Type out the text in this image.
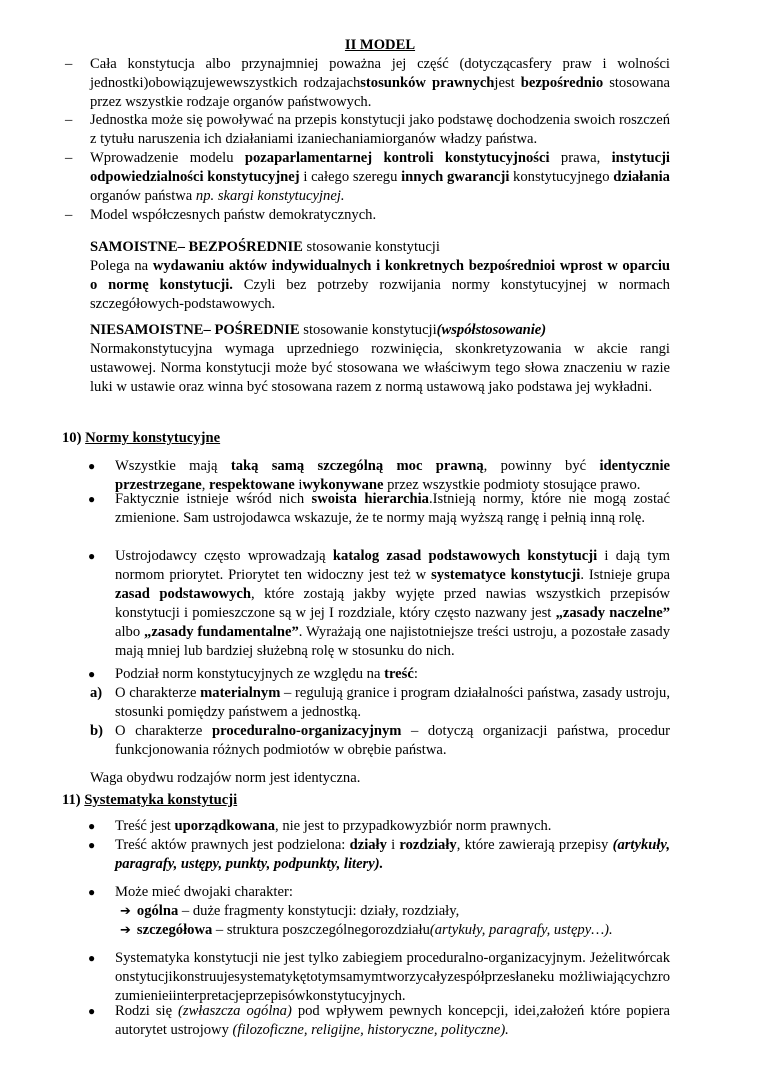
II MODEL
– Cała konstytucja albo przynajmniej poważna jej część (dotyczącasfery praw i wolności jednostki)obowiązujewewszystkich rodzajachstosunków prawnychjest bezpośrednio stosowana przez wszystkie rodzaje organów państwowych.
– Jednostka może się powoływać na przepis konstytucji jako podstawę dochodzenia swoich roszczeń z tytułu naruszenia ich działaniami izaniechaniamiorganów władzy państwa.
– Wprowadzenie modelu pozaparlamentarnej kontroli konstytucyjności prawa, instytucji odpowiedzialności konstytucyjnej i całego szeregu innych gwarancji konstytucyjnego działania organów państwa np. skargi konstytucyjnej.
– Model współczesnych państw demokratycznych.
SAMOISTNE– BEZPOŚREDNIE stosowanie konstytucji
Polega na wydawaniu aktów indywidualnych i konkretnych bezpośrednioi wprost w oparciu o normę konstytucji. Czyli bez potrzeby rozwijania normy konstytucyjnej w normach szczegółowych-podstawowych.
NIESAMOISTNE– POŚREDNIE stosowanie konstytucji(współstosowanie)
Normakonstytucyjna wymaga uprzedniego rozwinięcia, skonkretyzowania w akcie rangi ustawowej. Norma konstytucji może być stosowana we właściwym tego słowa znaczeniu w razie luki w ustawie oraz winna być stosowana razem z normą ustawową jako podstawa jej wykładni.
10) Normy konstytucyjne
● Wszystkie mają taką samą szczególną moc prawną, powinny być identycznie przestrzegane, respektowane iwykonywane przez wszystkie podmioty stosujące prawo.
● Faktycznie istnieje wśród nich swoista hierarchia.Istnieją normy, które nie mogą zostać zmienione. Sam ustrojodawca wskazuje, że te normy mają wyższą rangę i pełnią inną rolę.
● Ustrojodawcy często wprowadzają katalog zasad podstawowych konstytucji i dają tym normom priorytet. Priorytet ten widoczny jest też w systematyce konstytucji. Istnieje grupa zasad podstawowych, które zostają jakby wyjęte przed nawias wszystkich przepisów konstytucji i pomieszczone są w jej I rozdziale, który często nazwany jest „zasady naczelne” albo „zasady fundamentalne”. Wyrażają one najistotniejsze treści ustroju, a pozostałe zasady mają mniej lub bardziej służebną rolę w stosunku do nich.
● Podział norm konstytucyjnych ze względu na treść:
a) O charakterze materialnym – regulują granice i program działalności państwa, zasady ustroju, stosunki pomiędzy państwem a jednostką.
b) O charakterze proceduralno-organizacyjnym – dotyczą organizacji państwa, procedur funkcjonowania różnych podmiotów w obrębie państwa.
Waga obydwu rodzajów norm jest identyczna.
11) Systematyka konstytucji
● Treść jest uporządkowana, nie jest to przypadkowyzbiór norm prawnych.
● Treść aktów prawnych jest podzielona: działy i rozdziały, które zawierają przepisy (artykuły, paragrafy, ustępy, punkty, podpunkty, litery).
● Może mieć dwojaki charakter:
➔ ogólna – duże fragmenty konstytucji: działy, rozdziały,
➔ szczegółowa – struktura poszczególnegorozdziału(artykuły, paragrafy, ustępy…).
● Systematyka konstytucji nie jest tylko zabiegiem proceduralno-organizacyjnym. Jeżelitwórcakonstytucjikonstruujesystematykętotymsamymtworzycałyzespółprzesłaneku możliwiającychzrozumienieiinterpretacjeprzepisówkonstytucyjnych.
● Rodzi się (zwłaszcza ogólna) pod wpływem pewnych koncepcji, idei,założeń które popiera autorytet ustrojowy (filozoficzne, religijne, historyczne, polityczne).
